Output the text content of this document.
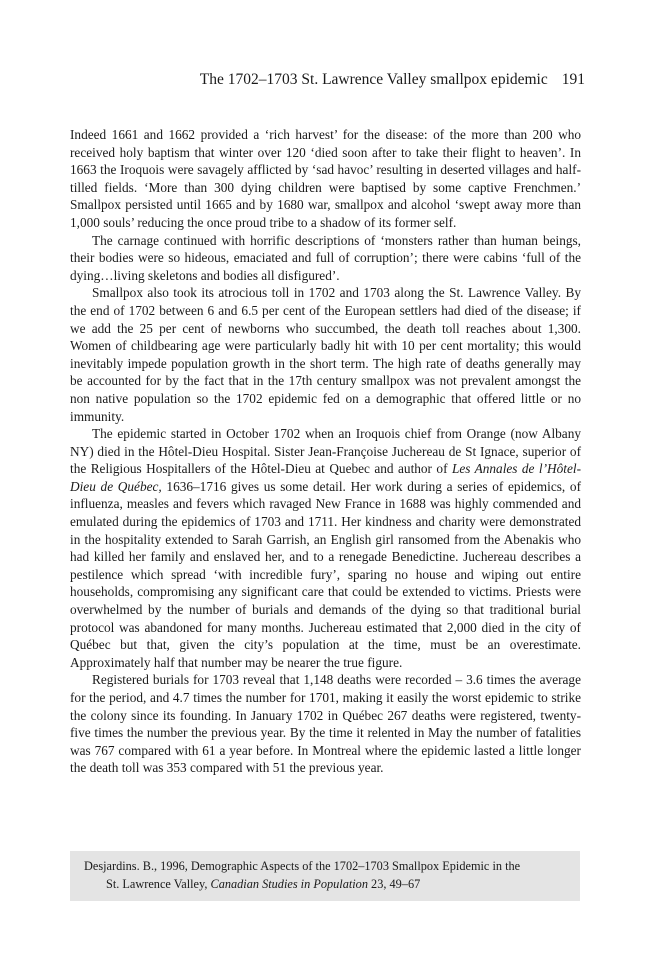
The 1702–1703 St. Lawrence Valley smallpox epidemic 191

Indeed 1661 and 1662 provided a ‘rich harvest’ for the disease: of the more than 200 who received holy baptism that winter over 120 ‘died soon after to take their flight to heaven’. In 1663 the Iroquois were savagely afflicted by ‘sad havoc’ resulting in deserted villages and half-tilled fields. ‘More than 300 dying children were baptised by some captive Frenchmen.’ Smallpox persisted until 1665 and by 1680 war, smallpox and alcohol ‘swept away more than 1,000 souls’ reducing the once proud tribe to a shadow of its former self.

The carnage continued with horrific descriptions of ‘monsters rather than human beings, their bodies were so hideous, emaciated and full of corruption’; there were cabins ‘full of the dying…living skeletons and bodies all disfigured’.

Smallpox also took its atrocious toll in 1702 and 1703 along the St. Lawrence Valley. By the end of 1702 between 6 and 6.5 per cent of the European settlers had died of the disease; if we add the 25 per cent of newborns who succumbed, the death toll reaches about 1,300. Women of childbearing age were particularly badly hit with 10 per cent mortality; this would inevitably impede population growth in the short term. The high rate of deaths generally may be accounted for by the fact that in the 17th century smallpox was not prevalent amongst the non native population so the 1702 epidemic fed on a demographic that offered little or no immunity.

The epidemic started in October 1702 when an Iroquois chief from Orange (now Albany NY) died in the Hôtel-Dieu Hospital. Sister Jean-Françoise Juchereau de St Ignace, superior of the Religious Hospitallers of the Hôtel-Dieu at Quebec and author of Les Annales de l’Hôtel-Dieu de Québec, 1636–1716 gives us some detail. Her work during a series of epidemics, of influenza, measles and fevers which ravaged New France in 1688 was highly commended and emulated during the epidemics of 1703 and 1711. Her kindness and charity were demonstrated in the hospitality extended to Sarah Garrish, an English girl ransomed from the Abenakis who had killed her family and enslaved her, and to a renegade Benedictine. Juchereau describes a pestilence which spread ‘with incredible fury’, sparing no house and wiping out entire households, compromising any significant care that could be extended to victims. Priests were overwhelmed by the number of burials and demands of the dying so that traditional burial protocol was abandoned for many months. Juchereau estimated that 2,000 died in the city of Québec but that, given the city’s population at the time, must be an overestimate. Approximately half that number may be nearer the true figure.

Registered burials for 1703 reveal that 1,148 deaths were recorded – 3.6 times the average for the period, and 4.7 times the number for 1701, making it easily the worst epidemic to strike the colony since its founding. In January 1702 in Québec 267 deaths were registered, twenty-five times the number the previous year. By the time it relented in May the number of fatalities was 767 compared with 61 a year before. In Montreal where the epidemic lasted a little longer the death toll was 353 compared with 51 the previous year.

Desjardins. B., 1996, Demographic Aspects of the 1702–1703 Smallpox Epidemic in the
St. Lawrence Valley, Canadian Studies in Population 23, 49–67
